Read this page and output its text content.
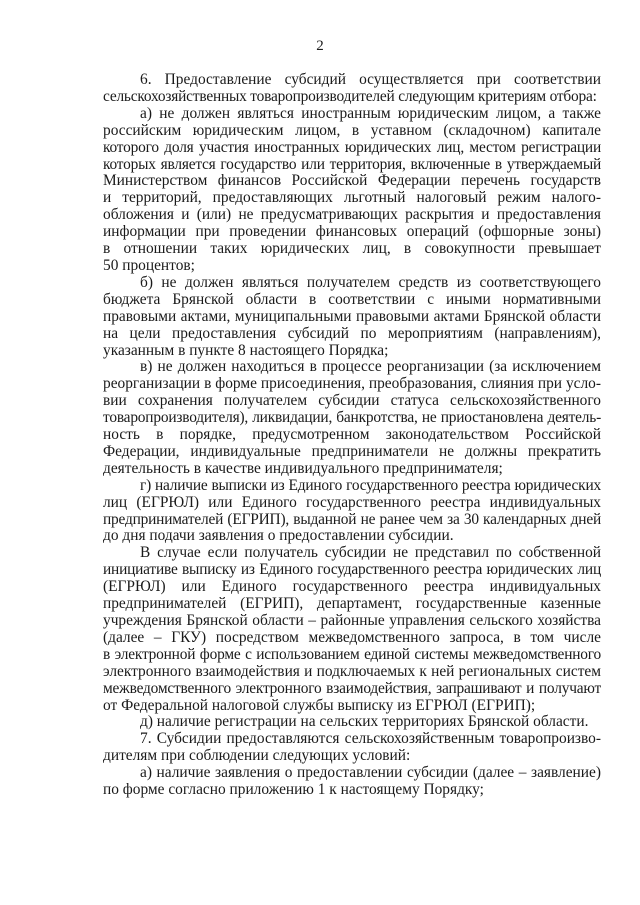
2
6. Предоставление субсидий осуществляется при соответствии
сельскохозяйственных товаропроизводителей следующим критериям отбора:
а) не должен являться иностранным юридическим лицом, а также
российским юридическим лицом, в уставном (складочном) капитале
которого доля участия иностранных юридических лиц, местом регистрации
которых является государство или территория, включенные в утверждаемый
Министерством финансов Российской Федерации перечень государств
и территорий, предоставляющих льготный налоговый режим налого-
обложения и (или) не предусматривающих раскрытия и предоставления
информации при проведении финансовых операций (офшорные зоны)
в отношении таких юридических лиц, в совокупности превышает
50 процентов;
б) не должен являться получателем средств из соответствующего
бюджета Брянской области в соответствии с иными нормативными
правовыми актами, муниципальными правовыми актами Брянской области
на цели предоставления субсидий по мероприятиям (направлениям),
указанным в пункте 8 настоящего Порядка;
в) не должен находиться в процессе реорганизации (за исключением
реорганизации в форме присоединения, преобразования, слияния при усло-
вии сохранения получателем субсидии статуса сельскохозяйственного
товаропроизводителя), ликвидации, банкротства, не приостановлена деятель-
ность в порядке, предусмотренном законодательством Российской
Федерации, индивидуальные предприниматели не должны прекратить
деятельность в качестве индивидуального предпринимателя;
г) наличие выписки из Единого государственного реестра юридических
лиц (ЕГРЮЛ) или Единого государственного реестра индивидуальных
предпринимателей (ЕГРИП), выданной не ранее чем за 30 календарных дней
до дня подачи заявления о предоставлении субсидии.
В случае если получатель субсидии не представил по собственной
инициативе выписку из Единого государственного реестра юридических лиц
(ЕГРЮЛ) или Единого государственного реестра индивидуальных
предпринимателей (ЕГРИП), департамент, государственные казенные
учреждения Брянской области – районные управления сельского хозяйства
(далее – ГКУ) посредством межведомственного запроса, в том числе
в электронной форме с использованием единой системы межведомственного
электронного взаимодействия и подключаемых к ней региональных систем
межведомственного электронного взаимодействия, запрашивают и получают
от Федеральной налоговой службы выписку из ЕГРЮЛ (ЕГРИП);
д) наличие регистрации на сельских территориях Брянской области.
7. Субсидии предоставляются сельскохозяйственным товаропроизво-
дителям при соблюдении следующих условий:
а) наличие заявления о предоставлении субсидии (далее – заявление)
по форме согласно приложению 1 к настоящему Порядку;
